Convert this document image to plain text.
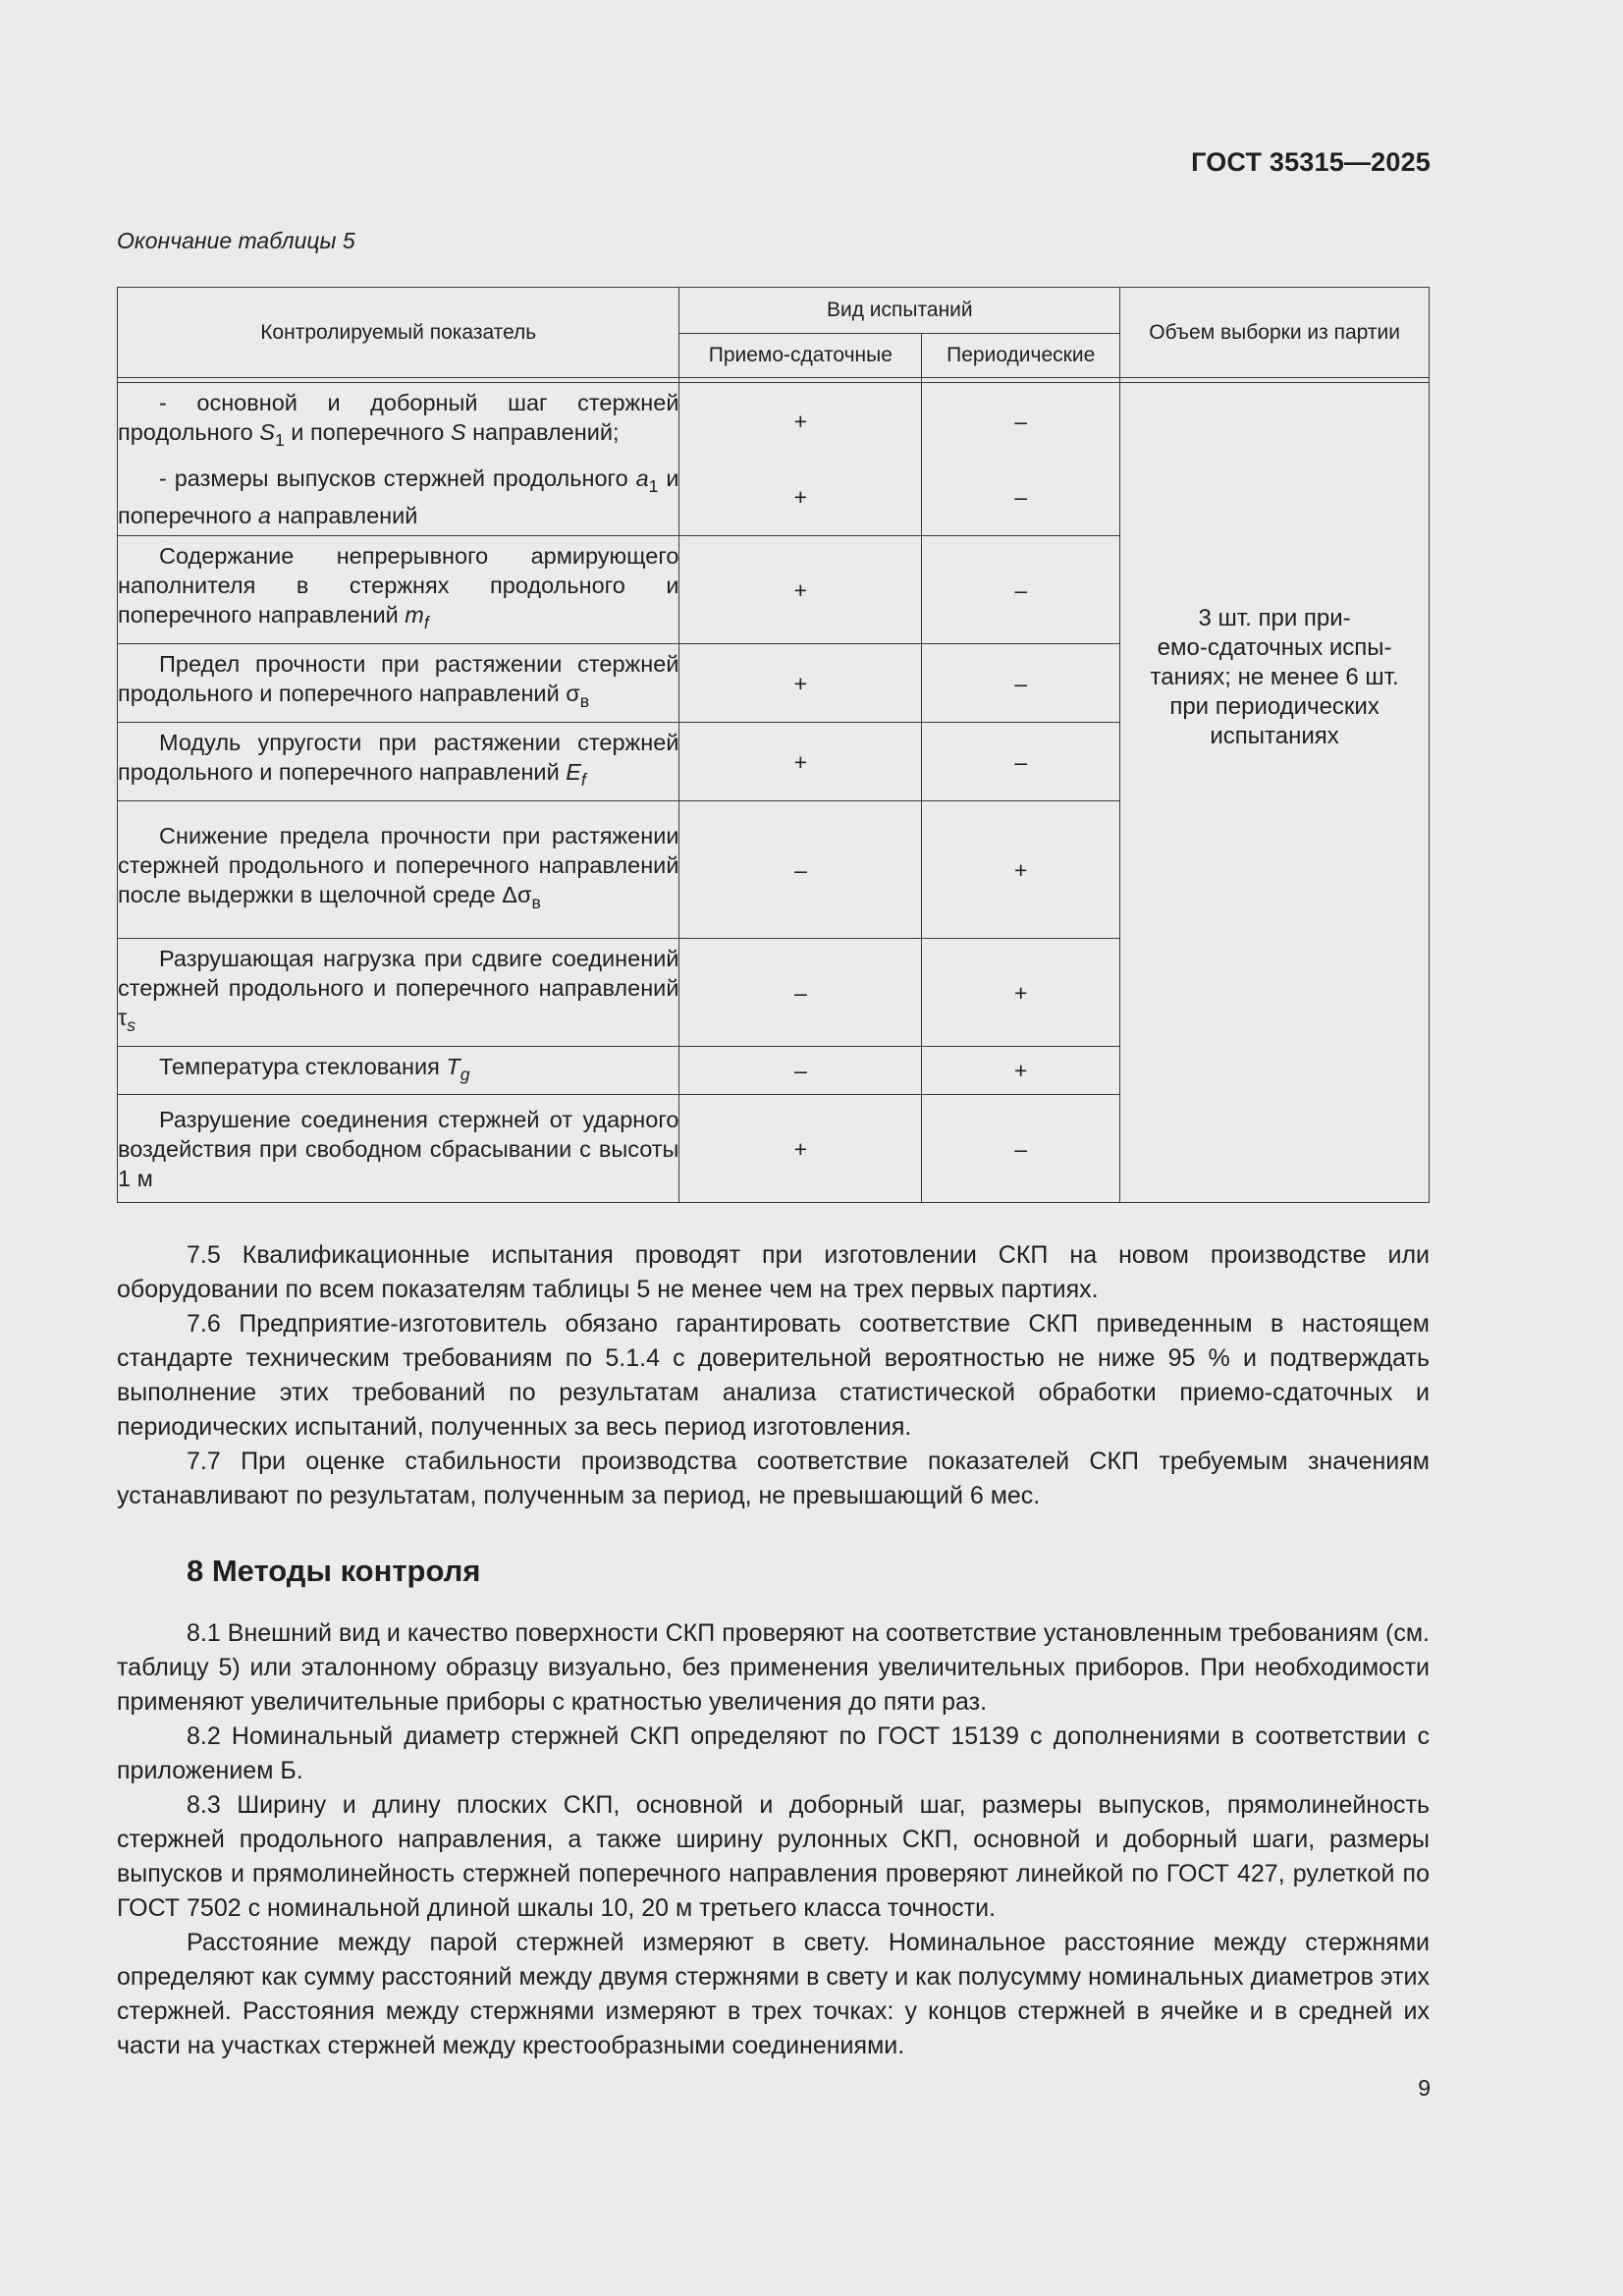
ГОСТ 35315—2025
Окончание таблицы 5
Контролируемый показатель	Вид испытаний		Объем выборки из партии
	Приемо-сдаточные	Периодические	

- основной и доборный шаг стержней продольного $S_1$ и поперечного S направлений;	+	–	3 шт. при при-
емо-сдаточных испы-
таниях; не менее 6 шт.
при периодических
испытаниях

- размеры выпусков стержней продольного $a_1$ и поперечного a направлений	+	–	
Содержание непрерывного армирующего наполнителя в стержнях продольного и поперечного направлений $m_f$	+	–	
Предел прочности при растяжении стержней продольного и поперечного направлений $\sigma_в$	+	–	
Модуль упругости при растяжении стержней продольного и поперечного направлений $E_f$	+	–	
Снижение предела прочности при растяжении стержней продольного и поперечного направлений после выдержки в щелочной среде $\Delta\sigma_в$	–	+	
Разрушающая нагрузка при сдвиге соединений стержней продольного и поперечного направлений $\tau_s$	–	+	
Температура стеклования $T_g$	–	+	
Разрушение соединения стержней от ударного воздействия при свободном сбрасывании с высоты 1 м	+	–	

7.5 Квалификационные испытания проводят при изготовлении СКП на новом производстве или оборудовании по всем показателям таблицы 5 не менее чем на трех первых партиях.

7.6 Предприятие-изготовитель обязано гарантировать соответствие СКП приведенным в настоящем стандарте техническим требованиям по 5.1.4 с доверительной вероятностью не ниже 95 % и подтверждать выполнение этих требований по результатам анализа статистической обработки приемо-сдаточных и периодических испытаний, полученных за весь период изготовления.

7.7 При оценке стабильности производства соответствие показателей СКП требуемым значениям устанавливают по результатам, полученным за период, не превышающий 6 мес.

8 Методы контроля

8.1 Внешний вид и качество поверхности СКП проверяют на соответствие установленным требованиям (см. таблицу 5) или эталонному образцу визуально, без применения увеличительных приборов. При необходимости применяют увеличительные приборы с кратностью увеличения до пяти раз.

8.2 Номинальный диаметр стержней СКП определяют по ГОСТ 15139 с дополнениями в соответствии с приложением Б.

8.3 Ширину и длину плоских СКП, основной и доборный шаг, размеры выпусков, прямолинейность стержней продольного направления, а также ширину рулонных СКП, основной и доборный шаги, размеры выпусков и прямолинейность стержней поперечного направления проверяют линейкой по ГОСТ 427, рулеткой по ГОСТ 7502 с номинальной длиной шкалы 10, 20 м третьего класса точности.

Расстояние между парой стержней измеряют в свету. Номинальное расстояние между стержнями определяют как сумму расстояний между двумя стержнями в свету и как полусумму номинальных диаметров этих стержней. Расстояния между стержнями измеряют в трех точках: у концов стержней в ячейке и в средней их части на участках стержней между крестообразными соединениями.

9
